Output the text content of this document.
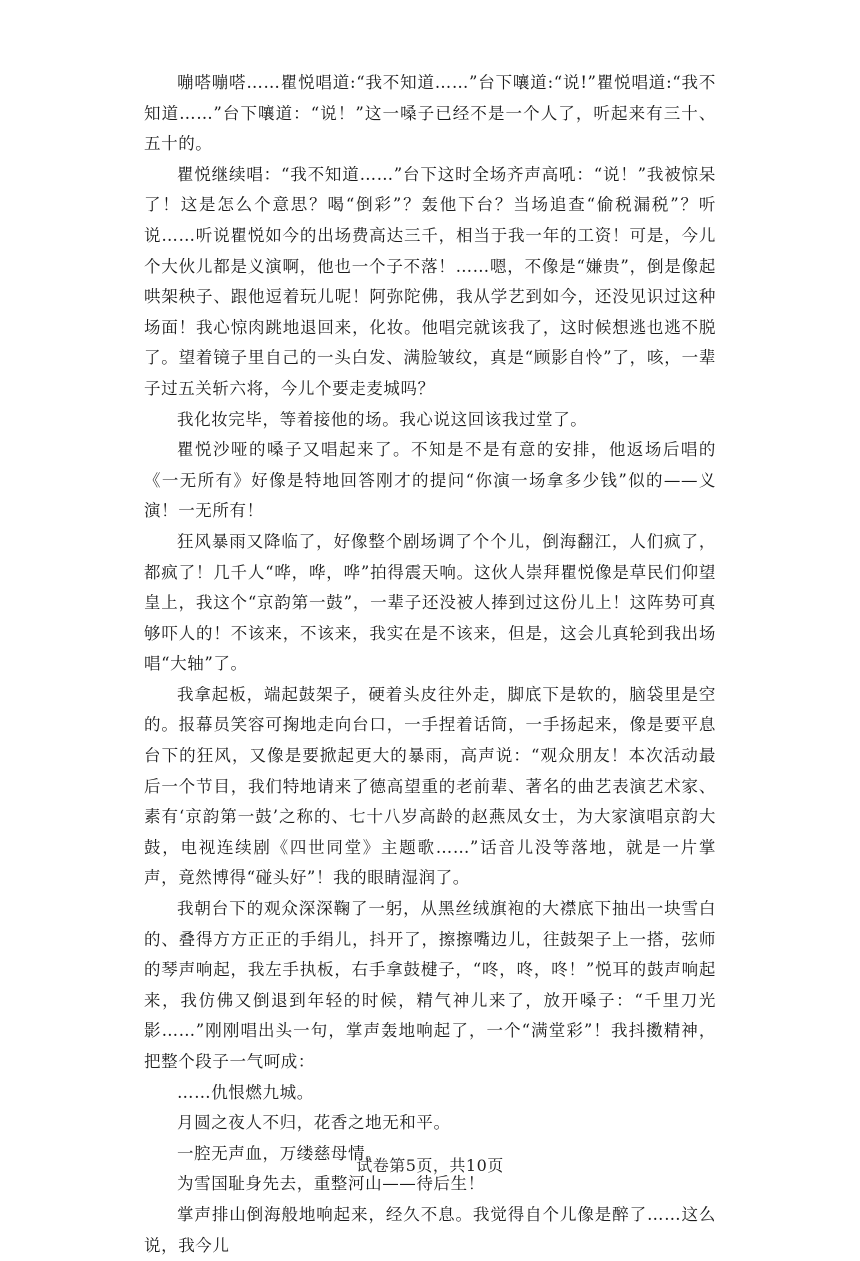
嘣嗒嘣嗒……瞿悦唱道:“我不知道……”台下嚷道:“说!”瞿悦唱道:“我不知道……”台下嚷道：“说！”这一嗓子已经不是一个人了，听起来有三十、五十的。

瞿悦继续唱：“我不知道……”台下这时全场齐声高吼：“说！”我被惊呆了！这是怎么个意思？喝“倒彩”？轰他下台？当场追查“偷税漏税”？听说……听说瞿悦如今的出场费高达三千，相当于我一年的工资！可是，今儿个大伙儿都是义演啊，他也一个子不落！……嗯，不像是“嫌贵”，倒是像起哄架秧子、跟他逗着玩儿呢！阿弥陀佛，我从学艺到如今，还没见识过这种场面！我心惊肉跳地退回来，化妆。他唱完就该我了，这时候想逃也逃不脱了。望着镜子里自己的一头白发、满脸皱纹，真是“顾影自怜”了，咳，一辈子过五关斩六将，今儿个要走麦城吗？

我化妆完毕，等着接他的场。我心说这回该我过堂了。

瞿悦沙哑的嗓子又唱起来了。不知是不是有意的安排，他返场后唱的《一无所有》好像是特地回答刚才的提问“你演一场拿多少钱”似的——义演！一无所有！

狂风暴雨又降临了，好像整个剧场调了个个儿，倒海翻江，人们疯了，都疯了！几千人“哗，哗，哗”拍得震天响。这伙人崇拜瞿悦像是草民们仰望皇上，我这个“京韵第一鼓”，一辈子还没被人捧到过这份儿上！这阵势可真够吓人的！不该来，不该来，我实在是不该来，但是，这会儿真轮到我出场唱“大轴”了。

我拿起板，端起鼓架子，硬着头皮往外走，脚底下是软的，脑袋里是空的。报幕员笑容可掬地走向台口，一手捏着话筒，一手扬起来，像是要平息台下的狂风，又像是要掀起更大的暴雨，高声说：“观众朋友！本次活动最后一个节目，我们特地请来了德高望重的老前辈、著名的曲艺表演艺术家、素有‘京韵第一鼓’之称的、七十八岁高龄的赵燕凤女士，为大家演唱京韵大鼓，电视连续剧《四世同堂》主题歌……”话音儿没等落地，就是一片掌声，竟然博得“碰头好”！我的眼睛湿润了。

我朝台下的观众深深鞠了一躬，从黑丝绒旗袍的大襟底下抽出一块雪白的、叠得方方正正的手绢儿，抖开了，擦擦嘴边儿，往鼓架子上一搭，弦师的琴声响起，我左手执板，右手拿鼓楗子，“咚，咚，咚！”悦耳的鼓声响起来，我仿佛又倒退到年轻的时候，精气神儿来了，放开嗓子：“千里刀光影……”刚刚唱出头一句，掌声轰地响起了，一个“满堂彩”！我抖擞精神，把整个段子一气呵成：

……仇恨燃九城。

月圆之夜人不归，花香之地无和平。

一腔无声血，万缕慈母情。

为雪国耻身先去，重整河山——待后生！

掌声排山倒海般地响起来，经久不息。我觉得自个儿像是醉了……这么说，我今儿

试卷第5页，共10页
